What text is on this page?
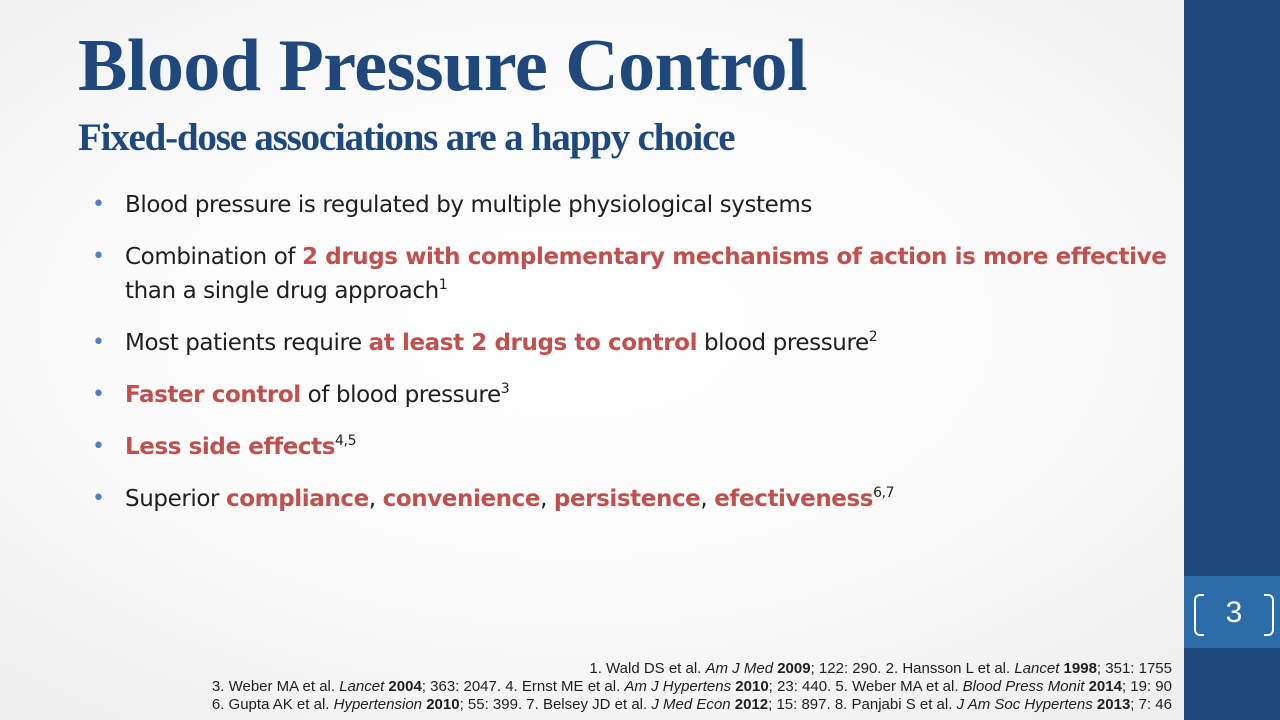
3
Blood Pressure Control
Fixed-dose associations are a happy choice
• Blood pressure is regulated by multiple physiological systems
• Combination of 2 drugs with complementary mechanisms of action is more effective than a single drug approach$^1$
• Most patients require at least 2 drugs to control blood pressure$^2$
• Faster control of blood pressure$^3$
• Less side effects$^{4,5}$
• Superior compliance, convenience, persistence, efectiveness$^{6,7}$
1. Wald DS et al. Am J Med 2009; 122: 290. 2. Hansson L et al. Lancet 1998; 351: 1755
3. Weber MA et al. Lancet 2004; 363: 2047. 4. Ernst ME et al. Am J Hypertens 2010; 23: 440. 5. Weber MA et al. Blood Press Monit 2014; 19: 90
6. Gupta AK et al. Hypertension 2010; 55: 399. 7. Belsey JD et al. J Med Econ 2012; 15: 897. 8. Panjabi S et al. J Am Soc Hypertens 2013; 7: 46
